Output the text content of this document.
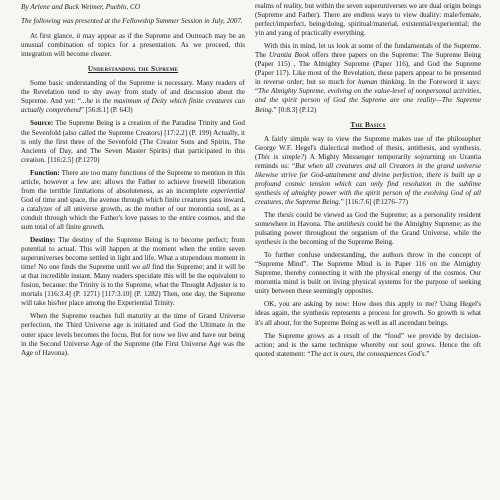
By Arlene and Buck Weimer, Pueblo, CO

The following was presented at the Fellowship Summer Session in July, 2007.

At first glance, it may appear as if the Supreme and Outreach may be an unusual combination of topics for a presentation. As we proceed, this integration will become clearer.

Understanding the Supreme

Some basic understanding of the Supreme is necessary. Many readers of the Revelation tend to shy away from study of and discussion about the Supreme. And yet: “...he is the maximum of Deity which finite creatures can actually comprehend” [56:8.1] (P. 643)

Source: The Supreme Being is a creation of the Paradise Trinity and God the Sevenfold (also called the Supreme Creators) [17:2.2] (P. 199) Actually, it is only the first three of the Sevenfold (The Creator Sons and Spirits, The Ancients of Day, and The Seven Master Spirits) that participated in this creation. [116:2.5] (P.1270)

Function: There are too many functions of the Supreme to mention in this article, however a few are: allows the Father to achieve freewill liberation from the terrible limitations of absoluteness, as an incomplete experiential God of time and space, the avenue through which finite creatures pass inward, a catalyzer of all universe growth, as the mother of our morontia soul, as a conduit through which the Father's love passes to the entire cosmos, and the sum total of all finite growth.

Destiny: The destiny of the Supreme Being is to become perfect; from potential to actual. This will happen at the moment when the entire seven superuniverses become settled in light and life. What a stupendous moment in time! No one finds the Supreme until we all find the Supreme; and it will be at that incredible instant. Many readers speculate this will be the equivalent to fusion, because: the Trinity is to the Supreme, what the Thought Adjuster is to mortals [116:3.4] (P. 1271) [117:3.10] (P. 1282) Then, one day, the Supreme will take his/her place among the Experiential Trinity.

When the Supreme reaches full maturity at the time of Grand Universe perfection, the Third Universe age is initiated and God the Ultimate in the outer space levels becomes the focus. But for now we live and have our being in the Second Universe Age of the Supreme (the First Universe Age was the Age of Havona).

realms of reality, but within the seven superuniverses we are dual origin beings (Supreme and Father). There are endless ways to view duality: male/female, perfect/imperfect, being/doing, spiritual/material, existential/experiential; the yin and yang of practically everything.

With this in mind, let us look at some of the fundamentals of the Supreme. The Urantia Book offers three papers on the Supreme: The Supreme Being (Paper 115) , The Almighty Supreme (Paper 116), and God the Supreme (Paper 117). Like most of the Revelation, these papers appear to be presented in reverse order; but so much for human thinking. In the Foreword it says: “The Almighty Supreme, evolving on the value-level of nonpersonal activities, and the spirit person of God the Supreme are one reality—The Supreme Being.” [0:8.3] (P.12)

The Basics

A fairly simple way to view the Supreme makes use of the philosopher George W.F. Hegel's dialectical method of thesis, antithesis, and synthesis. (This is simple?) A Mighty Messenger temporarily sojourning on Urantia reminds us: “But when all creatures and all Creators in the grand universe likewise strive for God-attainment and divine perfection, there is built up a profound cosmic tension which can only find resolution in the sublime synthesis of almighty power with the spirit person of the evolving God of all creatures, the Supreme Being.” [116:7.6] (P.1276–77)

The thesis could be viewed as God the Supreme; as a personality resident somewhere in Havona. The antithesis could be the Almighty Supreme; as the pulsating power throughout the organism of the Grand Universe, while the synthesis is the becoming of the Supreme Being.

To further confuse understanding, the authors throw in the concept of “Supreme Mind”. The Supreme Mind is in Paper 116 on the Almighty Supreme, thereby connecting it with the physical energy of the cosmos. Our morontia mind is built on living physical systems for the purpose of seeking unity between these seemingly opposites.

OK, you are asking by now: How does this apply to me? Using Hegel's ideas again, the synthesis represents a process for growth. So growth is what it's all about, for the Supreme Being as well as all ascendant beings.

The Supreme grows as a result of the “food” we provide by decision-action; and is the same technique whereby our soul grows. Hence the oft quoted statement: “The act is ours, the consequences God's.”
